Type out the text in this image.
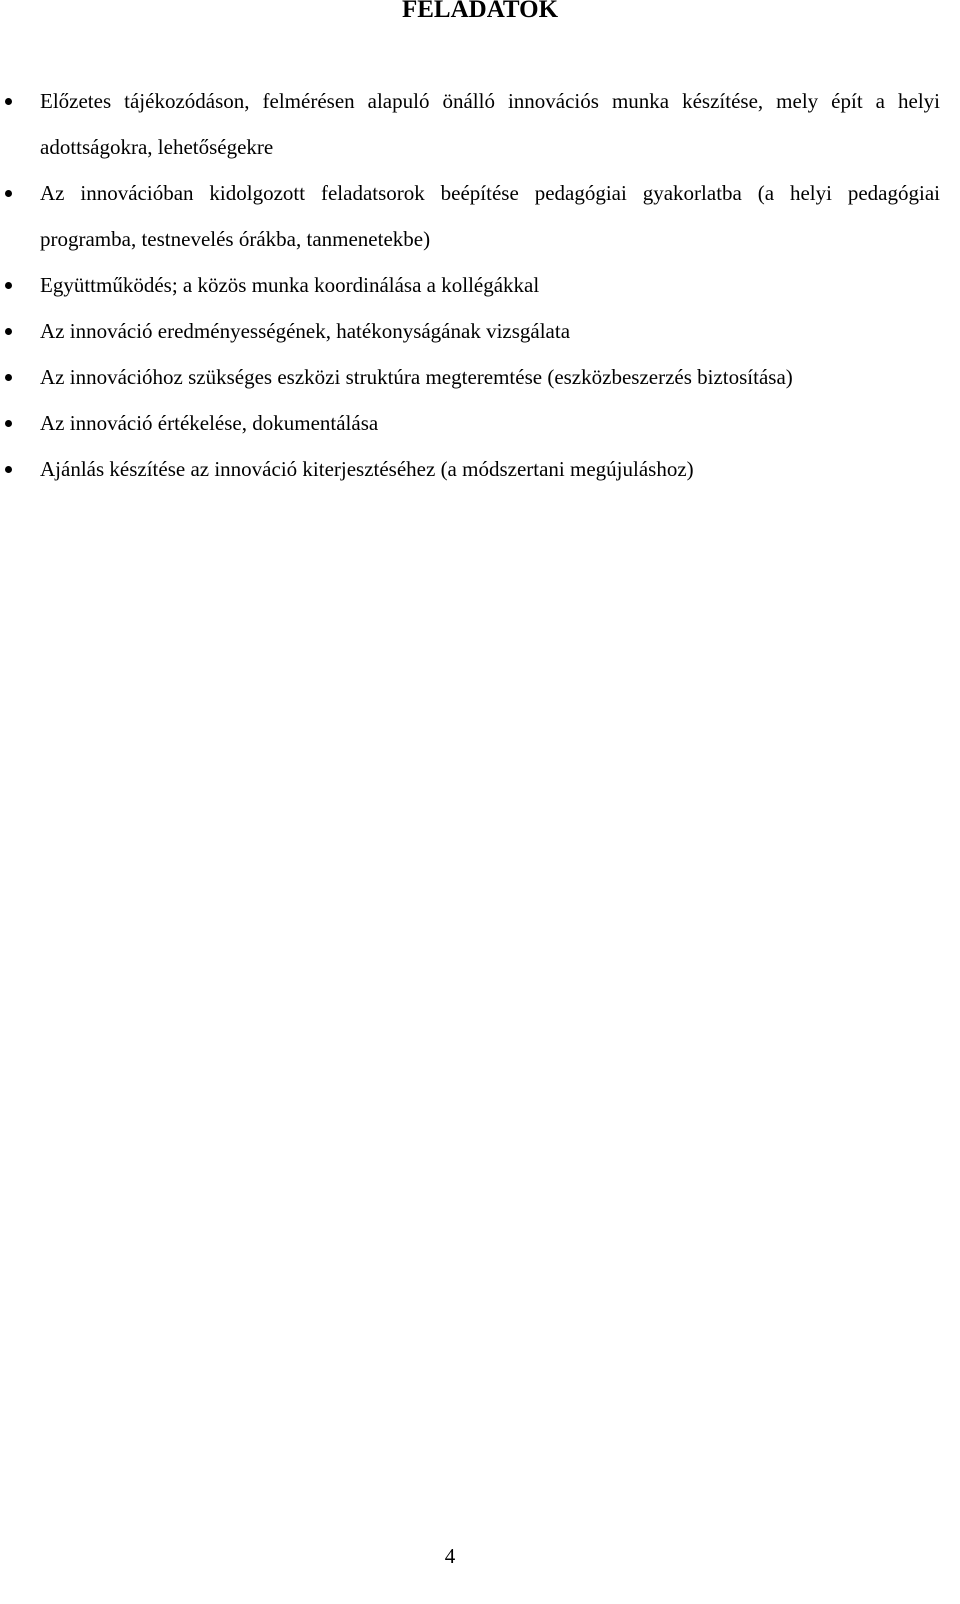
FELADATOK
Előzetes tájékozódáson, felmérésen alapuló önálló innovációs munka készítése, mely épít a helyi adottságokra, lehetőségekre
Az innovációban kidolgozott feladatsorok beépítése pedagógiai gyakorlatba (a helyi pedagógiai programba, testnevelés órákba, tanmenetekbe)
Együttműködés; a közös munka koordinálása a kollégákkal
Az innováció eredményességének, hatékonyságának vizsgálata
Az innovációhoz szükséges eszközi struktúra megteremtése (eszközbeszerzés biztosítása)
Az innováció értékelése, dokumentálása
Ajánlás készítése az innováció kiterjesztéséhez (a módszertani megújuláshoz)
4
